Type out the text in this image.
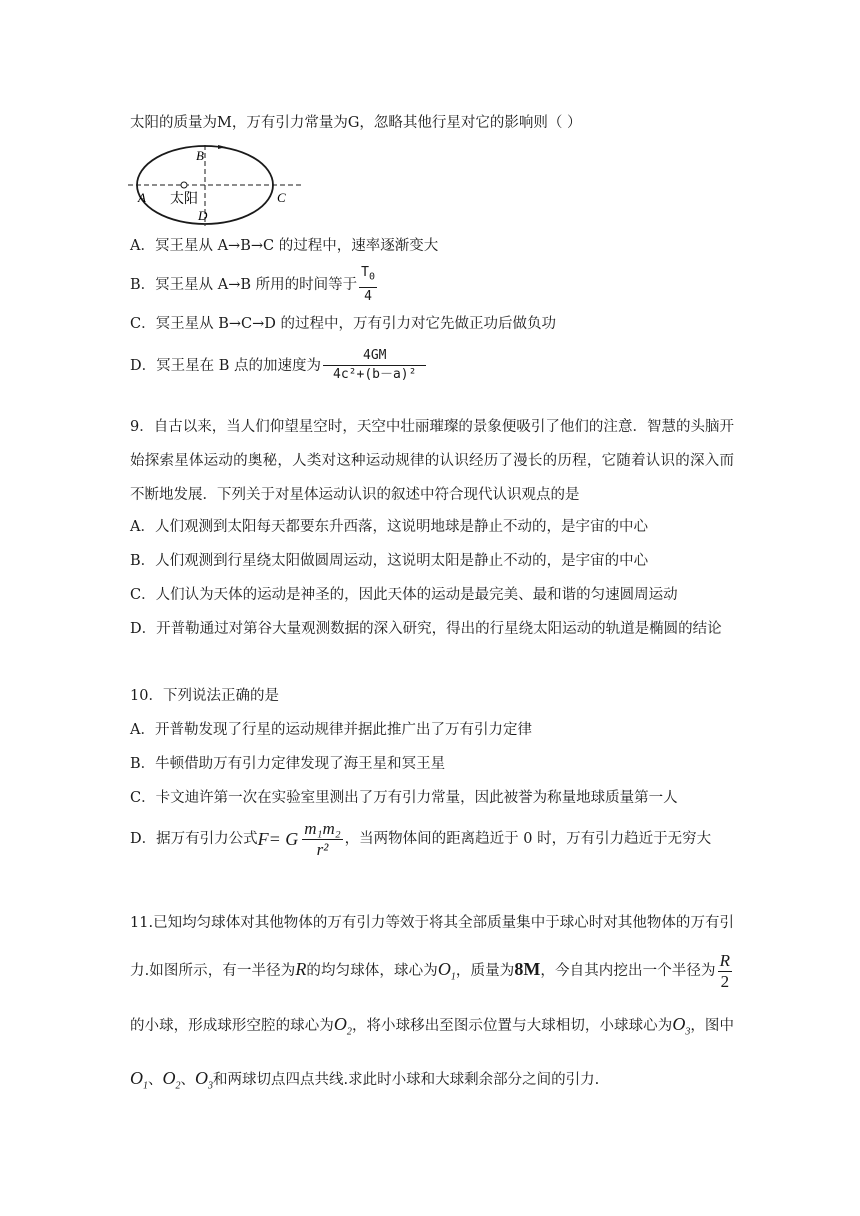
太阳的质量为M，万有引力常量为G，忽略其他行星对它的影响则（ ）
A
B
C
D
太阳
A．冥王星从 A→B→C 的过程中，速率逐渐变大
B．冥王星从 A→B 所用的时间等于 $\frac{T_0}{4}$
C．冥王星从 B→C→D 的过程中，万有引力对它先做正功后做负功
D．冥王星在 B 点的加速度为 $\frac{4GM}{\text{4c²+(b－a)²}}$
9．自古以来，当人们仰望星空时，天空中壮丽璀璨的景象便吸引了他们的注意．智慧的头脑开始探索星体运动的奥秘，人类对这种运动规律的认识经历了漫长的历程，它随着认识的深入而不断地发展．下列关于对星体运动认识的叙述中符合现代认识观点的是
A．人们观测到太阳每天都要东升西落，这说明地球是静止不动的，是宇宙的中心
B．人们观测到行星绕太阳做圆周运动，这说明太阳是静止不动的，是宇宙的中心
C．人们认为天体的运动是神圣的，因此天体的运动是最完美、最和谐的匀速圆周运动
D．开普勒通过对第谷大量观测数据的深入研究，得出的行星绕太阳运动的轨道是椭圆的结论
10．下列说法正确的是
A．开普勒发现了行星的运动规律并据此推广出了万有引力定律
B．牛顿借助万有引力定律发现了海王星和冥王星
C．卡文迪许第一次在实验室里测出了万有引力常量，因此被誉为称量地球质量第一人
D．据万有引力公式 F = G $\frac{\text{m₁m₂}}{\text{r²}}$ ，当两物体间的距离趋近于 0 时，万有引力趋近于无穷大
11.已知均匀球体对其他物体的万有引力等效于将其全部质量集中于球心时对其他物体的万有引力.如图所示，有一半径为R的均匀球体，球心为$O_1$，质量为8M，今自其内挖出一个半径为 $\frac{R}{2}$
的小球，形成球形空腔的球心为$O_2$，将小球移出至图示位置与大球相切，小球球心为$O_3$，图中$O_1$、$O_2$、$O_3$和两球切点四点共线.求此时小球和大球剩余部分之间的引力.
